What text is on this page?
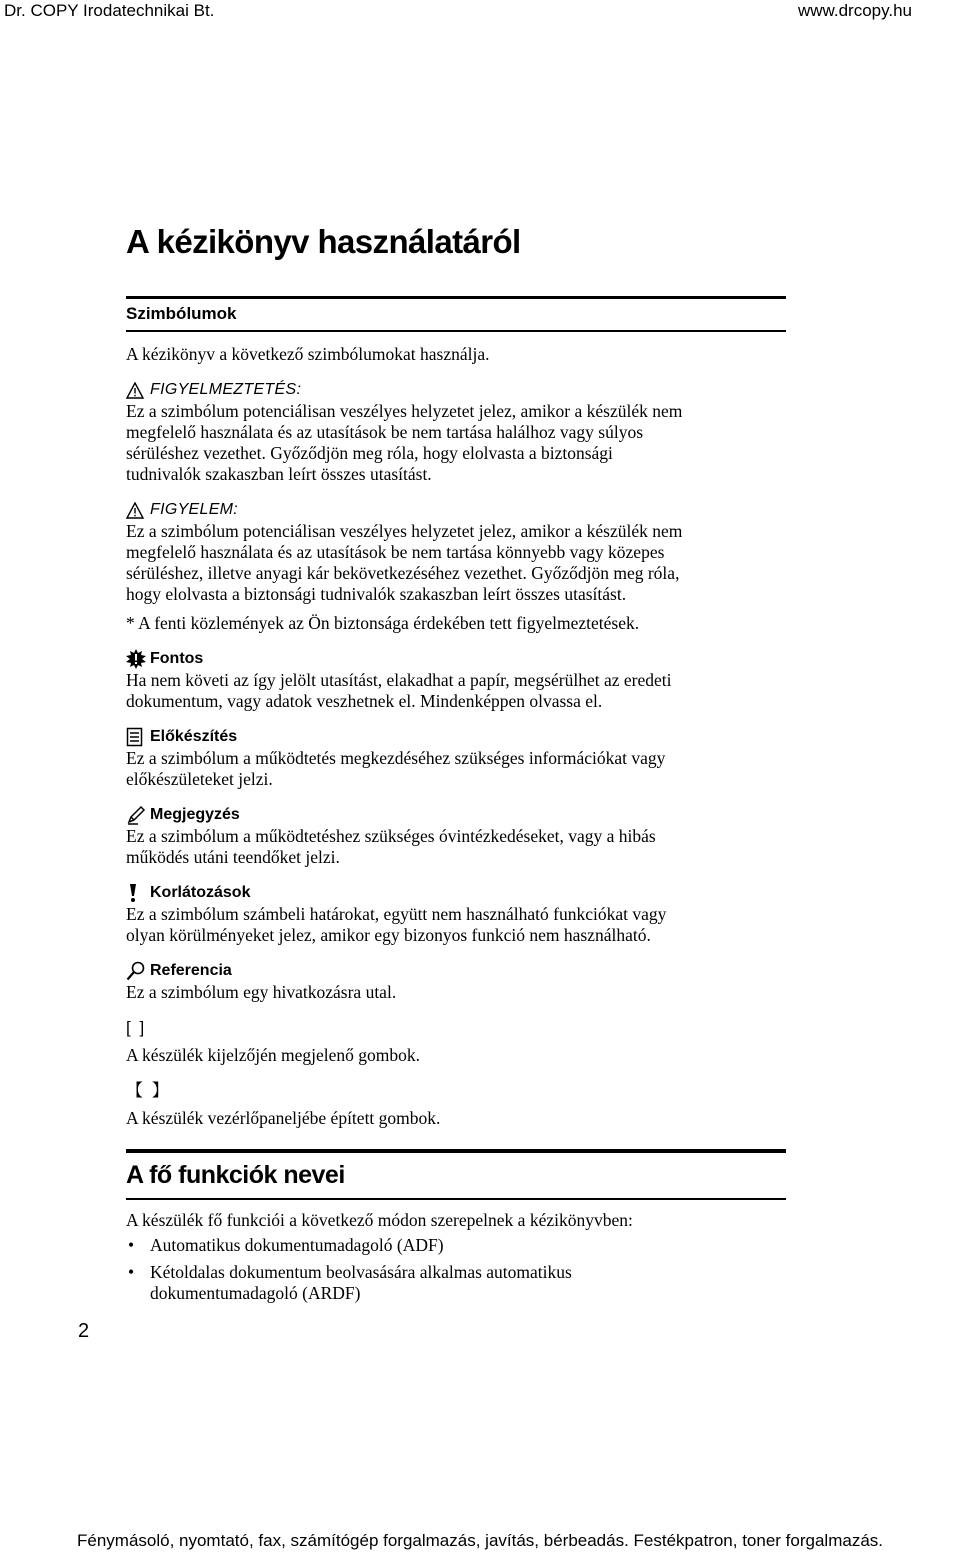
Dr. COPY Irodatechnikai Bt.	www.drcopy.hu
A kézikönyv használatáról
Szimbólumok

A kézikönyv a következő szimbólumokat használja.

FIGYELMEZTETÉS:

Ez a szimbólum potenciálisan veszélyes helyzetet jelez, amikor a készülék nem

megfelelő használata és az utasítások be nem tartása halálhoz vagy súlyos

sérüléshez vezethet. Győződjön meg róla, hogy elolvasta a biztonsági

tudnivalók szakaszban leírt összes utasítást.

FIGYELEM:

Ez a szimbólum potenciálisan veszélyes helyzetet jelez, amikor a készülék nem

megfelelő használata és az utasítások be nem tartása könnyebb vagy közepes

sérüléshez, illetve anyagi kár bekövetkezéséhez vezethet. Győződjön meg róla,

hogy elolvasta a biztonsági tudnivalók szakaszban leírt összes utasítást.

* A fenti közlemények az Ön biztonsága érdekében tett figyelmeztetések.

Fontos

Ha nem követi az így jelölt utasítást, elakadhat a papír, megsérülhet az eredeti

dokumentum, vagy adatok veszhetnek el. Mindenképpen olvassa el.

Előkészítés

Ez a szimbólum a működtetés megkezdéséhez szükséges információkat vagy

előkészületeket jelzi.

Megjegyzés

Ez a szimbólum a működtetéshez szükséges óvintézkedéseket, vagy a hibás

működés utáni teendőket jelzi.

Korlátozások

Ez a szimbólum számbeli határokat, együtt nem használható funkciókat vagy

olyan körülményeket jelez, amikor egy bizonyos funkció nem használható.

Referencia

Ez a szimbólum egy hivatkozásra utal.

[ ]

A készülék kijelzőjén megjelenő gombok.

【 】

A készülék vezérlőpaneljébe épített gombok.

A fő funkciók nevei

A készülék fő funkciói a következő módon szerepelnek a kézikönyvben:

• Automatikus dokumentumadagoló (ADF)
• Kétoldalas dokumentum beolvasására alkalmas automatikus
dokumentumadagoló (ARDF)
2
Fénymásoló, nyomtató, fax, számítógép forgalmazás, javítás, bérbeadás. Festékpatron, toner forgalmazás.
